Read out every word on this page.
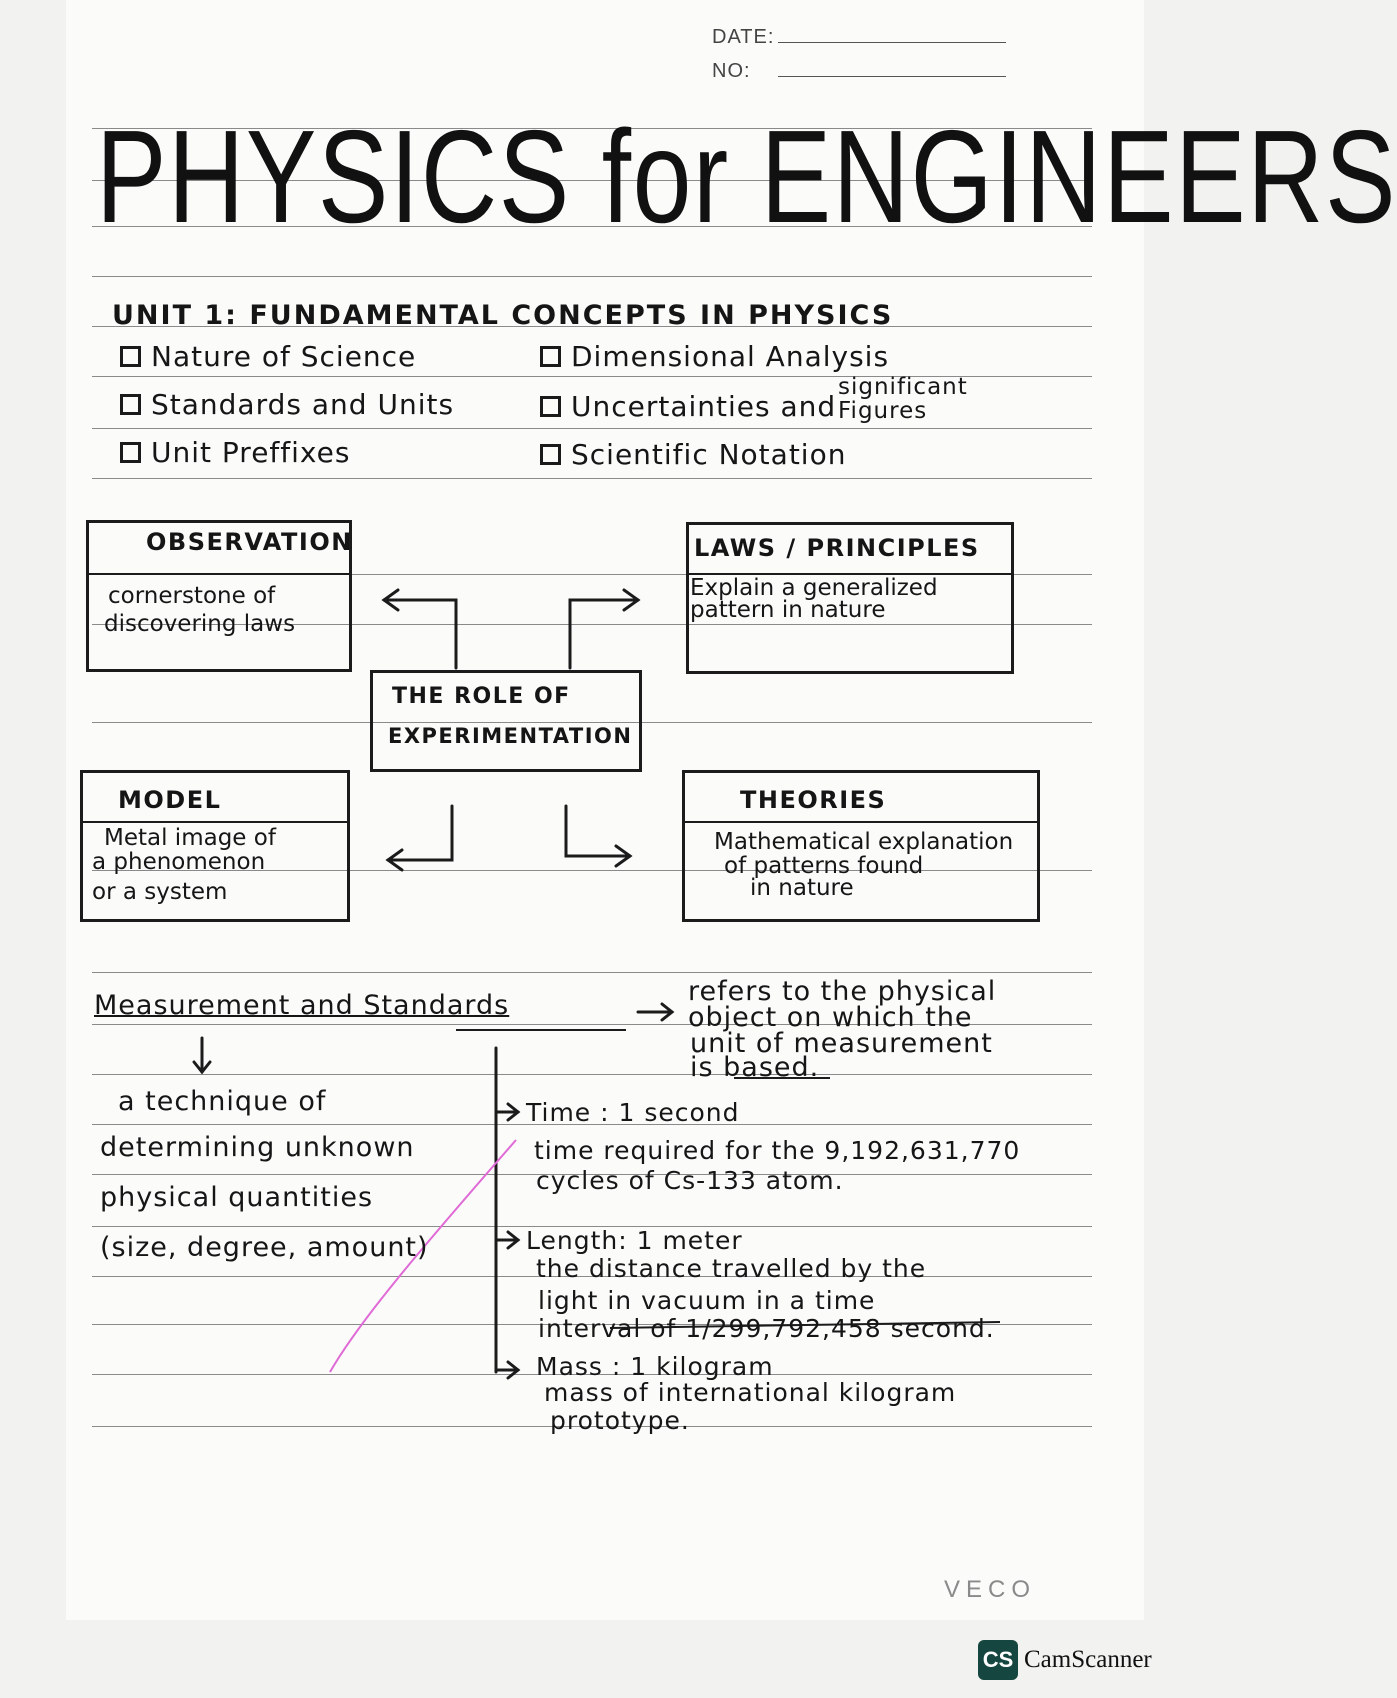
DATE:
NO:
PHYSICS for ENGINEERS
UNIT 1: FUNDAMENTAL CONCEPTS IN PHYSICS
Nature of Science	Dimensional Analysis
Standards and Units	Uncertainties and
significant
Figures
Unit Preffixes	Scientific Notation
OBSERVATION
cornerstone of
discovering laws
LAWS / PRINCIPLES
Explain a generalized
pattern in nature
THE ROLE OF
EXPERIMENTATION
MODEL
Metal image of
a phenomenon
or a system
THEORIES
Mathematical explanation
of patterns found
in nature
Measurement and Standards	refers to the physical
object on which the
unit of measurement
is based.
a technique of
determining unknown
physical quantities
(size, degree, amount)
Time : 1 second
time required for the 9,192,631,770
cycles of Cs-133 atom.
Length: 1 meter
the distance travelled by the
light in vacuum in a time
interval of 1/299,792,458 second.
Mass : 1 kilogram
mass of international kilogram
prototype.
VECO
CS CamScanner
